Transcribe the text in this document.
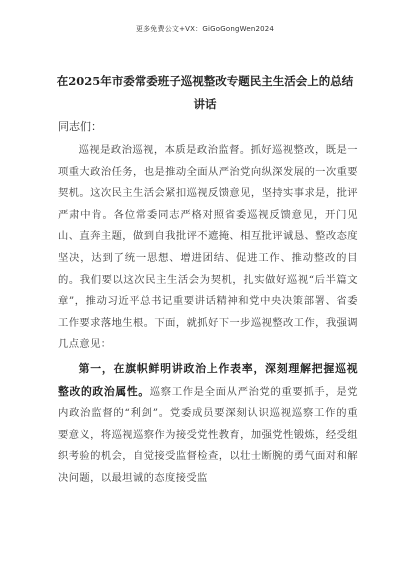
更多免费公文+VX：GiGoGongWen2024
在2025年市委常委班子巡视整改专题民主生活会上的总结讲话
同志们：

巡视是政治巡视，本质是政治监督。抓好巡视整改，既是一项重大政治任务，也是推动全面从严治党向纵深发展的一次重要契机。这次民主生活会紧扣巡视反馈意见，坚持实事求是，批评严肃中肯。各位常委同志严格对照省委巡视反馈意见，开门见山、直奔主题，做到自我批评不遮掩、相互批评诚恳、整改态度坚决，达到了统一思想、增进团结、促进工作、推动整改的目的。我们要以这次民主生活会为契机，扎实做好巡视“后半篇文章”，推动习近平总书记重要讲话精神和党中央决策部署、省委工作要求落地生根。下面，就抓好下一步巡视整改工作，我强调几点意见：

第一，在旗帜鲜明讲政治上作表率，深刻理解把握巡视整改的政治属性。巡察工作是全面从严治党的重要抓手，是党内政治监督的“利剑”。党委成员要深刻认识巡视巡察工作的重要意义，将巡视巡察作为接受党性教育，加强党性锻炼，经受组织考验的机会，自觉接受监督检查，以壮士断腕的勇气面对和解决问题，以最坦诚的态度接受监
